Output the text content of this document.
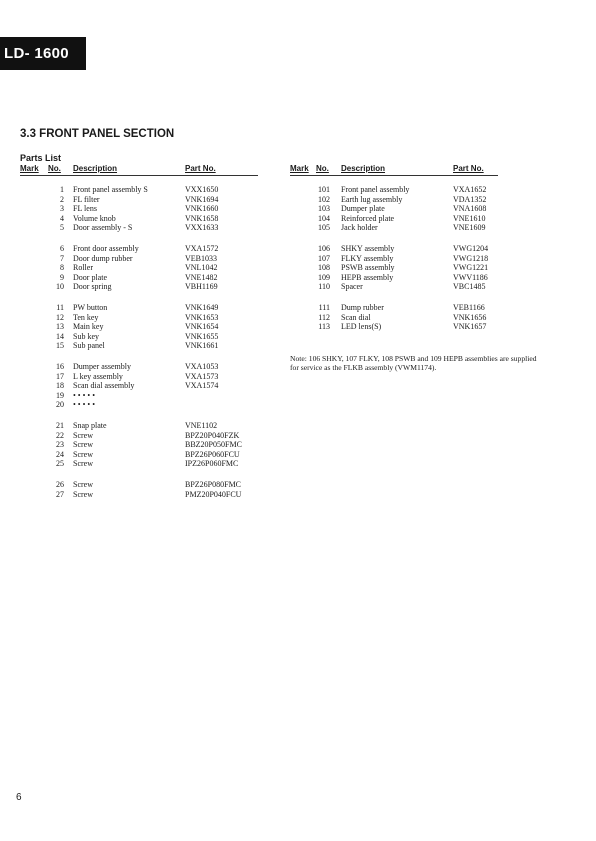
LD- 1600
3.3 FRONT PANEL SECTION
Parts List
Mark No. Description	Part No.	Mark No. Description	Part No.
1 Front panel assembly S	VXX1650
2 FL filter	VNK1694
3 FL lens	VNK1660
4 Volume knob	VNK1658
5 Door assembly - S	VXX1633
6 Front door assembly	VXA1572
7 Door dump rubber	VEB1033
8 Roller	VNL1042
9 Door plate	VNE1482
10 Door spring	VBH1169
11 PW button	VNK1649
12 Ten key	VNK1653
13 Main key	VNK1654
14 Sub key	VNK1655
15 Sub panel	VNK1661
16 Dumper assembly	VXA1053
17 L key assembly	VXA1573
18 Scan dial assembly	VXA1574
19 • • • • •
20 • • • • •
21 Snap plate	VNE1102
22 Screw	BPZ20P040FZK
23 Screw	BBZ20P050FMC
24 Screw	BPZ26P060FCU
25 Screw	IPZ26P060FMC
26 Screw	BPZ26P080FMC
27 Screw	PMZ20P040FCU
101 Front panel assembly	VXA1652
102 Earth lug assembly	VDA1352
103 Dumper plate	VNA1608
104 Reinforced plate	VNE1610
105 Jack holder	VNE1609
106 SHKY assembly	VWG1204
107 FLKY assembly	VWG1218
108 PSWB assembly	VWG1221
109 HEPB assembly	VWV1186
110 Spacer	VBC1485
111 Dump rubber	VEB1166
112 Scan dial	VNK1656
113 LED lens(S)	VNK1657
Note: 106 SHKY, 107 FLKY, 108 PSWB and 109 HEPB assemblies are supplied for service as the FLKB assembly (VWM1174).
6
